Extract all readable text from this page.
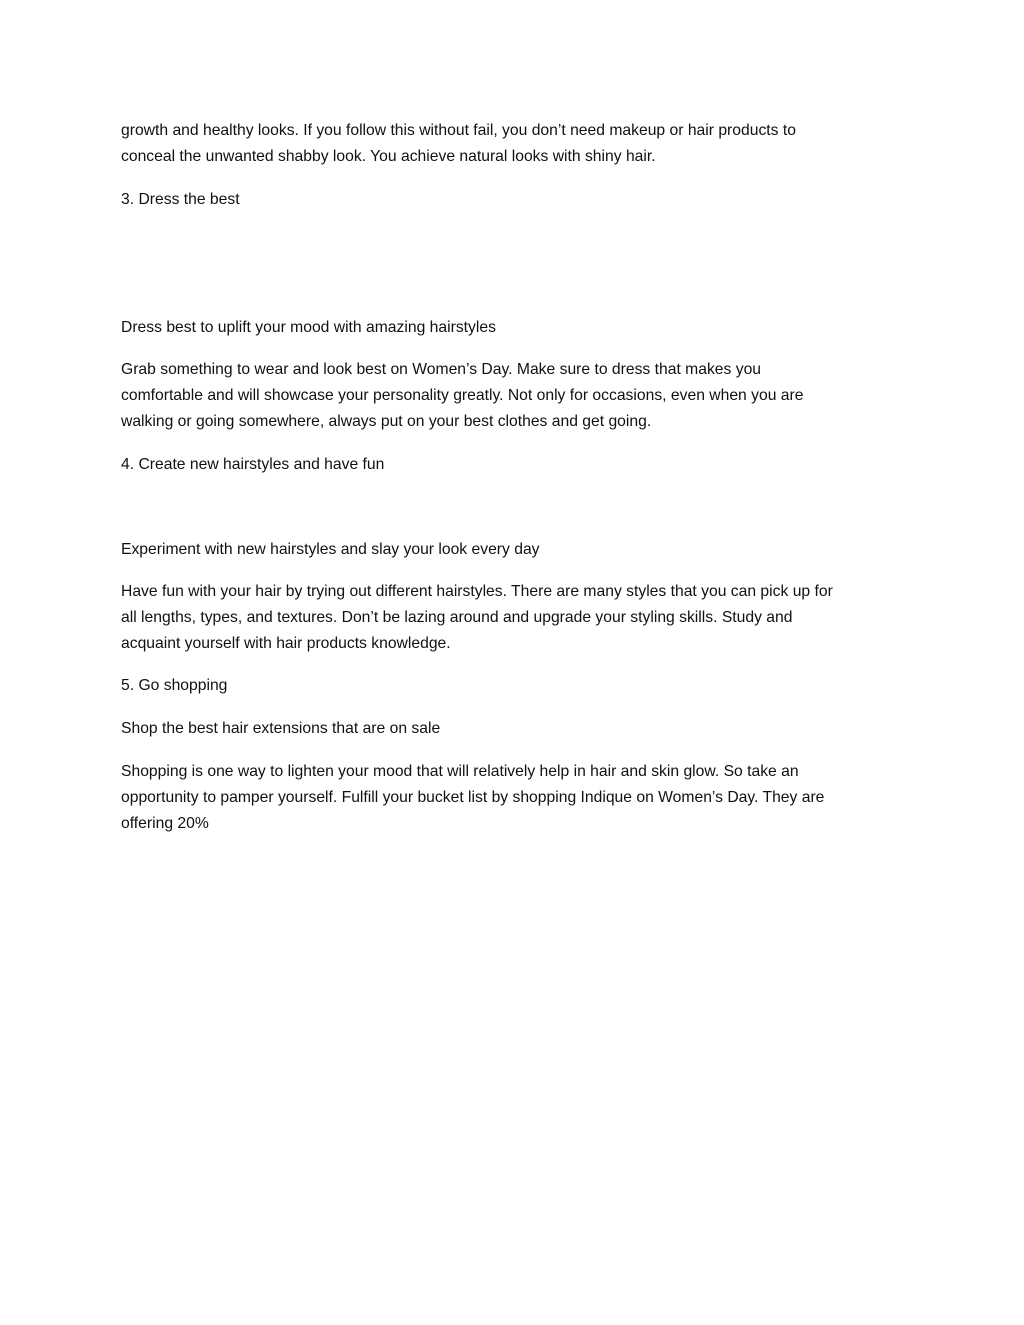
growth and healthy looks. If you follow this without fail, you don’t need makeup or hair products to
conceal the unwanted shabby look. You achieve natural looks with shiny hair.

3. Dress the best

Dress best to uplift your mood with amazing hairstyles

Grab something to wear and look best on Women’s Day. Make sure to dress that makes you
comfortable and will showcase your personality greatly. Not only for occasions, even when you are
walking or going somewhere, always put on your best clothes and get going.

4. Create new hairstyles and have fun

Experiment with new hairstyles and slay your look every day

Have fun with your hair by trying out different hairstyles. There are many styles that you can pick up for
all lengths, types, and textures. Don’t be lazing around and upgrade your styling skills. Study and
acquaint yourself with hair products knowledge.

5. Go shopping

Shop the best hair extensions that are on sale

Shopping is one way to lighten your mood that will relatively help in hair and skin glow. So take an
opportunity to pamper yourself. Fulfill your bucket list by shopping Indique on Women’s Day. They are
offering 20%
